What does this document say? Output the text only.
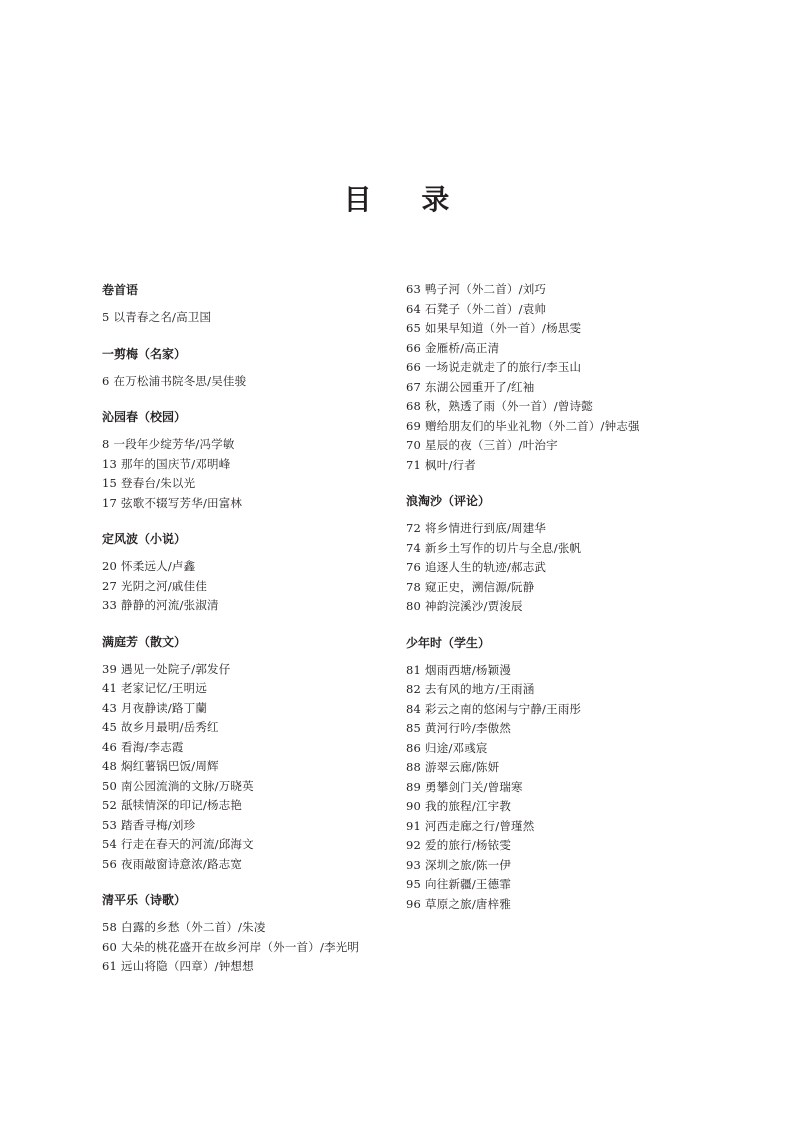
目 录
卷首语
5 以青春之名/高卫国
一剪梅（名家）
6 在万松浦书院冬思/吴佳骏
沁园春（校园）
8 一段年少绽芳华/冯学敏
13 那年的国庆节/邓明峰
15 登春台/朱以光
17 弦歌不辍写芳华/田富林
定风波（小说）
20 怀柔远人/卢鑫
27 光阴之河/戚佳佳
33 静静的河流/张淑清
满庭芳（散文）
39 遇见一处院子/郭发仔
41 老家记忆/王明远
43 月夜静读/路丁蘭
45 故乡月最明/岳秀红
46 看海/李志霞
48 焖红薯锅巴饭/周辉
50 南公园流淌的文脉/万晓英
52 舐犊情深的印记/杨志艳
53 踏香寻梅/刘珍
54 行走在春天的河流/邱海文
56 夜雨敲窗诗意浓/路志宽
清平乐（诗歌）
58 白露的乡愁（外二首）/朱凌
60 大朵的桃花盛开在故乡河岸（外一首）/李光明
61 远山将隐（四章）/钟想想
63 鸭子河（外二首）/刘巧
64 石凳子（外二首）/袁帅
65 如果早知道（外一首）/杨思雯
66 金雁桥/高正清
66 一场说走就走了的旅行/李玉山
67 东湖公园重开了/红袖
68 秋，熟透了雨（外一首）/曾诗懿
69 赠给朋友们的毕业礼物（外二首）/钟志强
70 星辰的夜（三首）/叶治宇
71 枫叶/行者
浪淘沙（评论）
72 将乡情进行到底/周建华
74 新乡土写作的切片与全息/张帆
76 追逐人生的轨迹/郝志武
78 窥正史，溯信源/阮静
80 神韵浣溪沙/贾浚辰
少年时（学生）
81 烟雨西塘/杨颖漫
82 去有风的地方/王雨涵
84 彩云之南的悠闲与宁静/王雨彤
85 黄河行吟/李傲然
86 归途/邓彧宸
88 游翠云廊/陈妍
89 勇攀剑门关/曾瑞寒
90 我的旅程/江宇教
91 河西走廊之行/曾瑾然
92 爱的旅行/杨铱雯
93 深圳之旅/陈一伊
95 向往新疆/王德霏
96 草原之旅/唐梓雅
